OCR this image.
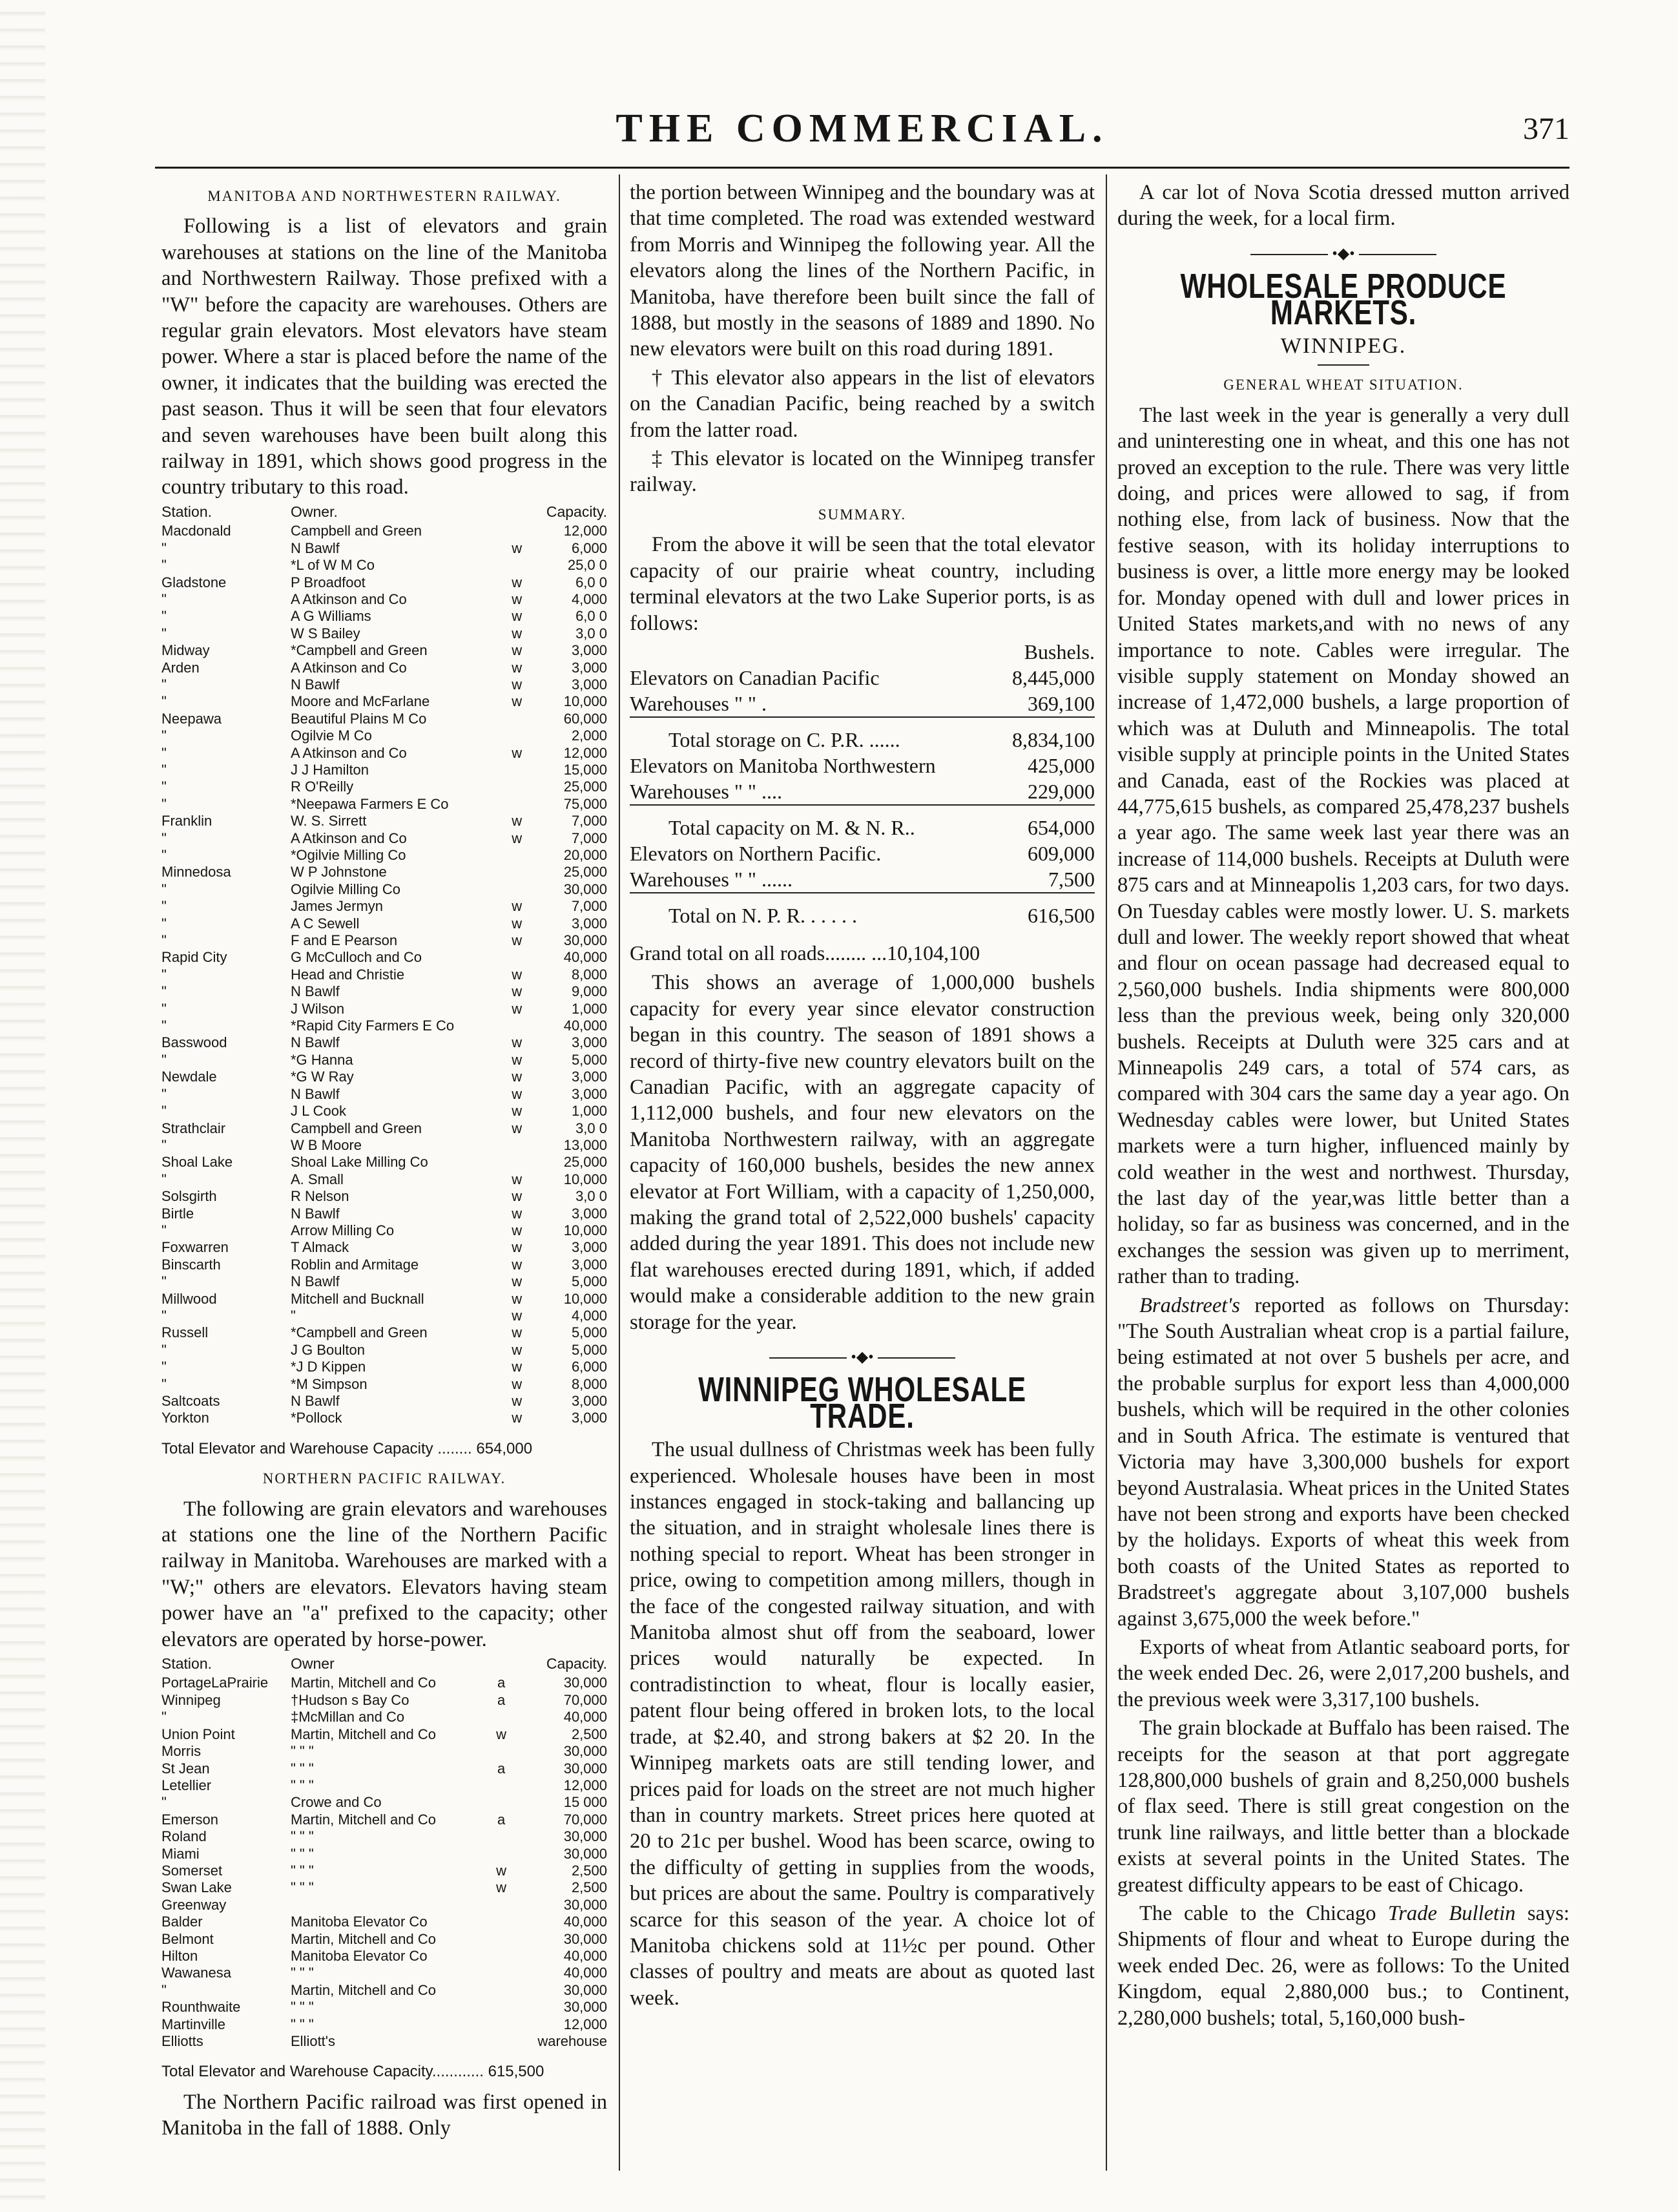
THE COMMERCIAL.	371
MANITOBA AND NORTHWESTERN RAILWAY.

Following is a list of elevators and grain warehouses at stations on the line of the Manitoba and Northwestern Railway. Those prefixed with a "W" before the capacity are warehouses. Others are regular grain elevators. Most elevators have steam power. Where a star is placed before the name of the owner, it indicates that the building was erected the past season. Thus it will be seen that four elevators and seven warehouses have been built along this railway in 1891, which shows good progress in the country tributary to this road.

Station.	Owner.		Capacity.
Macdonald	Campbell and Green		12,000
"	N Bawlf	w	6,000
"	*L of W M Co		25,0 0
Gladstone	P Broadfoot	w	6,0 0
"	A Atkinson and Co	w	4,000
"	A G Williams	w	6,0 0
"	W S Bailey	w	3,0 0
Midway	*Campbell and Green	w	3,000
Arden	A Atkinson and Co	w	3,000
"	N Bawlf	w	3,000
"	Moore and McFarlane	w	10,000
Neepawa	Beautiful Plains M Co		60,000
"	Ogilvie M Co		2,000
"	A Atkinson and Co	w	12,000
"	J J Hamilton		15,000
"	R O'Reilly		25,000
"	*Neepawa Farmers E Co		75,000
Franklin	W. S. Sirrett	w	7,000
"	A Atkinson and Co	w	7,000
"	*Ogilvie Milling Co		20,000
Minnedosa	W P Johnstone		25,000
"	Ogilvie Milling Co		30,000
"	James Jermyn	w	7,000
"	A C Sewell	w	3,000
"	F and E Pearson	w	30,000
Rapid City	G McCulloch and Co		40,000
"	Head and Christie	w	8,000
"	N Bawlf	w	9,000
"	J Wilson	w	1,000
"	*Rapid City Farmers E Co		40,000
Basswood	N Bawlf	w	3,000
"	*G Hanna	w	5,000
Newdale	*G W Ray	w	3,000
"	N Bawlf	w	3,000
"	J L Cook	w	1,000
Strathclair	Campbell and Green	w	3,0 0
"	W B Moore		13,000
Shoal Lake	Shoal Lake Milling Co		25,000
"	A. Small	w	10,000
Solsgirth	R Nelson	w	3,0 0
Birtle	N Bawlf	w	3,000
"	Arrow Milling Co	w	10,000
Foxwarren	T Almack	w	3,000
Binscarth	Roblin and Armitage	w	3,000
"	N Bawlf	w	5,000
Millwood	Mitchell and Bucknall	w	10,000
"	"	w	4,000
Russell	*Campbell and Green	w	5,000
"	J G Boulton	w	5,000
"	*J D Kippen	w	6,000
"	*M Simpson	w	8,000
Saltcoats	N Bawlf	w	3,000
Yorkton	*Pollock	w	3,000
Total Elevator and Warehouse Capacity ........ 654,000
NORTHERN PACIFIC RAILWAY.

The following are grain elevators and warehouses at stations one the line of the Northern Pacific railway in Manitoba. Warehouses are marked with a "W;" others are elevators. Elevators having steam power have an "a" prefixed to the capacity; other elevators are operated by horse-power.

Station.	Owner		Capacity.
PortageLaPrairie	Martin, Mitchell and Co	a	30,000
Winnipeg	†Hudson s Bay Co	a	70,000
"	‡McMillan and Co		40,000
Union Point	Martin, Mitchell and Co	w	2,500
Morris	" " "		30,000
St Jean	" " "	a	30,000
Letellier	" " "		12,000
"	Crowe and Co		15 000
Emerson	Martin, Mitchell and Co	a	70,000
Roland	" " "		30,000
Miami	" " "		30,000
Somerset	" " "	w	2,500
Swan Lake	" " "	w	2,500
Greenway			30,000
Balder	Manitoba Elevator Co		40,000
Belmont	Martin, Mitchell and Co		30,000
Hilton	Manitoba Elevator Co		40,000
Wawanesa	" " "		40,000
"	Martin, Mitchell and Co		30,000
Rounthwaite	" " "		30,000
Martinville	" " "		12,000
Elliotts	Elliott's		warehouse
Total Elevator and Warehouse Capacity............ 615,500

The Northern Pacific railroad was first opened in Manitoba in the fall of 1888. Only

the portion between Winnipeg and the boundary was at that time completed. The road was extended westward from Morris and Winnipeg the following year. All the elevators along the lines of the Northern Pacific, in Manitoba, have therefore been built since the fall of 1888, but mostly in the seasons of 1889 and 1890. No new elevators were built on this road during 1891.

† This elevator also appears in the list of elevators on the Canadian Pacific, being reached by a switch from the latter road.

‡ This elevator is located on the Winnipeg transfer railway.

SUMMARY.

From the above it will be seen that the total elevator capacity of our prairie wheat country, including terminal elevators at the two Lake Superior ports, is as follows:

	Bushels.
Elevators on Canadian Pacific	8,445,000
Warehouses " " .	369,100
Total storage on C. P.R. ......	8,834,100
Elevators on Manitoba Northwestern	425,000
Warehouses " " ....	229,000
Total capacity on M. & N. R..	654,000
Elevators on Northern Pacific.	609,000
Warehouses " " ......	7,500
Total on N. P. R. . . . . .	616,500
Grand total on all roads........ ...10,104,100

This shows an average of 1,000,000 bushels capacity for every year since elevator construction began in this country. The season of 1891 shows a record of thirty-five new country elevators built on the Canadian Pacific, with an aggregate capacity of 1,112,000 bushels, and four new elevators on the Manitoba Northwestern railway, with an aggregate capacity of 160,000 bushels, besides the new annex elevator at Fort William, with a capacity of 1,250,000, making the grand total of 2,522,000 bushels' capacity added during the year 1891. This does not include new flat warehouses erected during 1891, which, if added would make a considerable addition to the new grain storage for the year.

•◆•
WINNIPEG WHOLESALE TRADE.

The usual dullness of Christmas week has been fully experienced. Wholesale houses have been in most instances engaged in stock-taking and ballancing up the situation, and in straight wholesale lines there is nothing special to report. Wheat has been stronger in price, owing to competition among millers, though in the face of the congested railway situation, and with Manitoba almost shut off from the seaboard, lower prices would naturally be expected. In contradistinction to wheat, flour is locally easier, patent flour being offered in broken lots, to the local trade, at $2.40, and strong bakers at $2 20. In the Winnipeg markets oats are still tending lower, and prices paid for loads on the street are not much higher than in country markets. Street prices here quoted at 20 to 21c per bushel. Wood has been scarce, owing to the difficulty of getting in supplies from the woods, but prices are about the same. Poultry is comparatively scarce for this season of the year. A choice lot of Manitoba chickens sold at 11½c per pound. Other classes of poultry and meats are about as quoted last week.

A car lot of Nova Scotia dressed mutton arrived during the week, for a local firm.

•◆•
WHOLESALE PRODUCE MARKETS.
WINNIPEG.
GENERAL WHEAT SITUATION.

The last week in the year is generally a very dull and uninteresting one in wheat, and this one has not proved an exception to the rule. There was very little doing, and prices were allowed to sag, if from nothing else, from lack of business. Now that the festive season, with its holiday interruptions to business is over, a little more energy may be looked for. Monday opened with dull and lower prices in United States markets,and with no news of any importance to note. Cables were irregular. The visible supply statement on Monday showed an increase of 1,472,000 bushels, a large proportion of which was at Duluth and Minneapolis. The total visible supply at principle points in the United States and Canada, east of the Rockies was placed at 44,775,615 bushels, as compared 25,478,237 bushels a year ago. The same week last year there was an increase of 114,000 bushels. Receipts at Duluth were 875 cars and at Minneapolis 1,203 cars, for two days. On Tuesday cables were mostly lower. U. S. markets dull and lower. The weekly report showed that wheat and flour on ocean passage had decreased equal to 2,560,000 bushels. India shipments were 800,000 less than the previous week, being only 320,000 bushels. Receipts at Duluth were 325 cars and at Minneapolis 249 cars, a total of 574 cars, as compared with 304 cars the same day a year ago. On Wednesday cables were lower, but United States markets were a turn higher, influenced mainly by cold weather in the west and northwest. Thursday, the last day of the year,was little better than a holiday, so far as business was concerned, and in the exchanges the session was given up to merriment, rather than to trading.

Bradstreet's reported as follows on Thursday: "The South Australian wheat crop is a partial failure, being estimated at not over 5 bushels per acre, and the probable surplus for export less than 4,000,000 bushels, which will be required in the other colonies and in South Africa. The estimate is ventured that Victoria may have 3,300,000 bushels for export beyond Australasia. Wheat prices in the United States have not been strong and exports have been checked by the holidays. Exports of wheat this week from both coasts of the United States as reported to Bradstreet's aggregate about 3,107,000 bushels against 3,675,000 the week before."

Exports of wheat from Atlantic seaboard ports, for the week ended Dec. 26, were 2,017,200 bushels, and the previous week were 3,317,100 bushels.

The grain blockade at Buffalo has been raised. The receipts for the season at that port aggregate 128,800,000 bushels of grain and 8,250,000 bushels of flax seed. There is still great congestion on the trunk line railways, and little better than a blockade exists at several points in the United States. The greatest difficulty appears to be east of Chicago.

The cable to the Chicago Trade Bulletin says: Shipments of flour and wheat to Europe during the week ended Dec. 26, were as follows: To the United Kingdom, equal 2,880,000 bus.; to Continent, 2,280,000 bushels; total, 5,160,000 bush-
